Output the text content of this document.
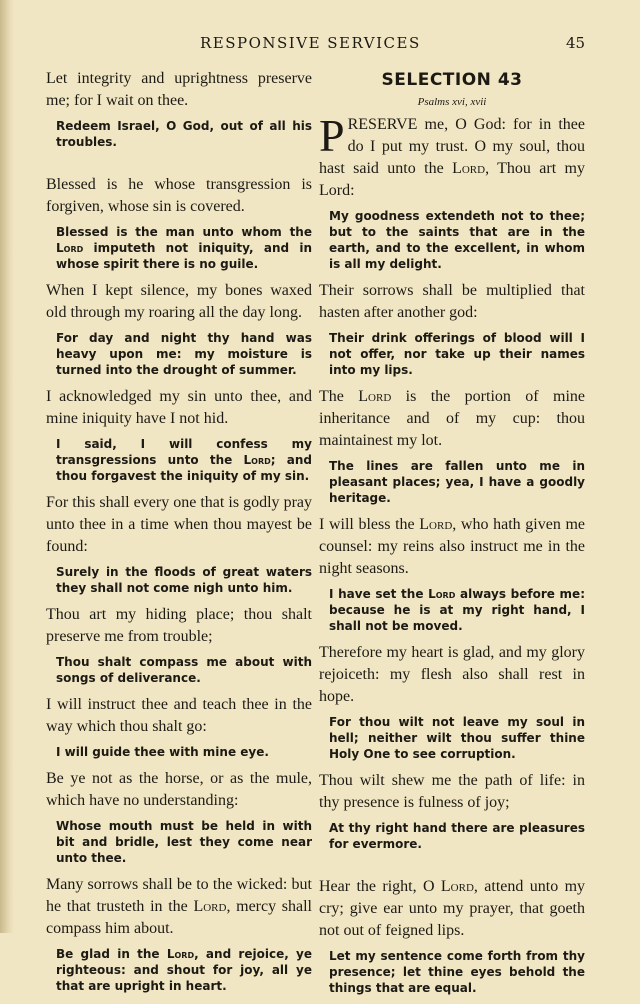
RESPONSIVE SERVICES	45

Let integrity and uprightness preserve me; for I wait on thee.

Redeem Israel, O God, out of all his troubles.

Blessed is he whose transgression is forgiven, whose sin is covered.

Blessed is the man unto whom the Lord imputeth not iniquity, and in whose spirit there is no guile.

When I kept silence, my bones waxed old through my roaring all the day long.

For day and night thy hand was heavy upon me: my moisture is turned into the drought of summer.

I acknowledged my sin unto thee, and mine iniquity have I not hid.

I said, I will confess my transgressions unto the Lord; and thou forgavest the iniquity of my sin.

For this shall every one that is godly pray unto thee in a time when thou mayest be found:

Surely in the floods of great waters they shall not come nigh unto him.

Thou art my hiding place; thou shalt preserve me from trouble;

Thou shalt compass me about with songs of deliverance.

I will instruct thee and teach thee in the way which thou shalt go:

I will guide thee with mine eye.

Be ye not as the horse, or as the mule, which have no understanding:

Whose mouth must be held in with bit and bridle, lest they come near unto thee.

Many sorrows shall be to the wicked: but he that trusteth in the Lord, mercy shall compass him about.

Be glad in the Lord, and rejoice, ye righteous: and shout for joy, all ye that are upright in heart.

SELECTION 43
Psalms xvi, xvii

PRESERVE me, O God: for in thee do I put my trust. O my soul, thou hast said unto the Lord, Thou art my Lord:

My goodness extendeth not to thee; but to the saints that are in the earth, and to the excellent, in whom is all my delight.

Their sorrows shall be multiplied that hasten after another god:

Their drink offerings of blood will I not offer, nor take up their names into my lips.

The Lord is the portion of mine inheritance and of my cup: thou maintainest my lot.

The lines are fallen unto me in pleasant places; yea, I have a goodly heritage.

I will bless the Lord, who hath given me counsel: my reins also instruct me in the night seasons.

I have set the Lord always before me: because he is at my right hand, I shall not be moved.

Therefore my heart is glad, and my glory rejoiceth: my flesh also shall rest in hope.

For thou wilt not leave my soul in hell; neither wilt thou suffer thine Holy One to see corruption.

Thou wilt shew me the path of life: in thy presence is fulness of joy;

At thy right hand there are pleasures for evermore.

Hear the right, O Lord, attend unto my cry; give ear unto my prayer, that goeth not out of feigned lips.

Let my sentence come forth from thy presence; let thine eyes behold the things that are equal.
